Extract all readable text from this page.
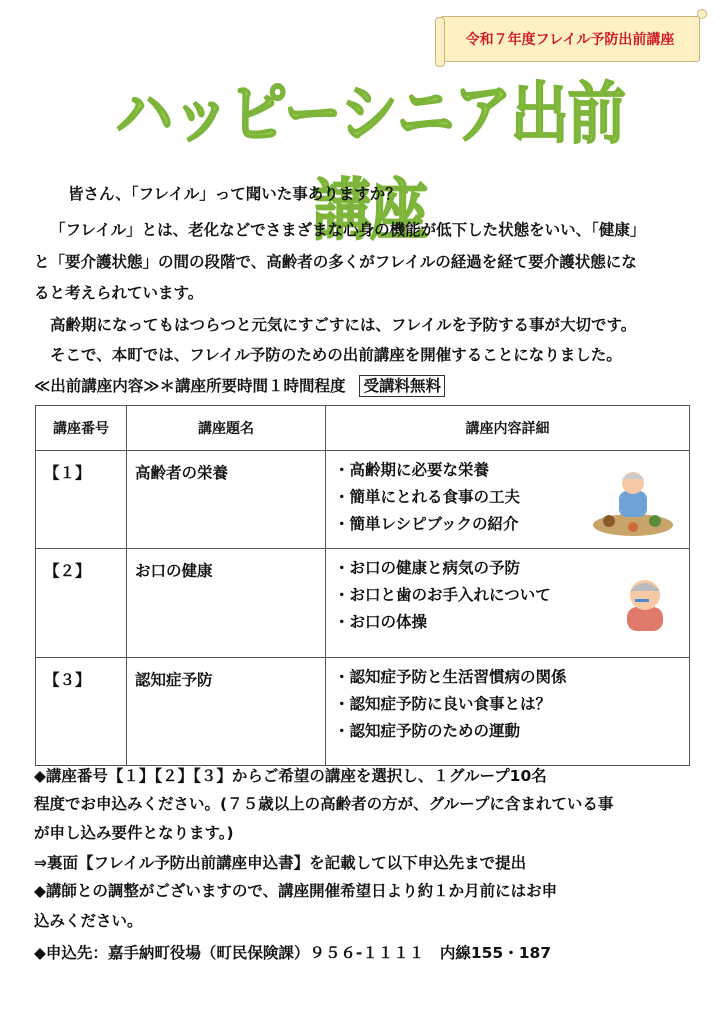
令和７年度フレイル予防出前講座
ハッピーシニア出前講座
皆さん、「フレイル」って聞いた事ありますか？
「フレイル」とは、老化などでさまざまな心身の機能が低下した状態をいい、「健康」
と「要介護状態」の間の段階で、高齢者の多くがフレイルの経過を経て要介護状態にな
ると考えられています。
高齢期になってもはつらつと元気にすごすには、フレイルを予防する事が大切です。
そこで、本町では、フレイル予防のための出前講座を開催することになりました。
≪出前講座内容≫＊講座所要時間１時間程度 受講料無料
講座番号	講座題名	講座内容詳細
【１】	高齢者の栄養	・高齢期に必要な栄養
・簡単にとれる食事の工夫
・簡単レシピブックの紹介

【２】	お口の健康	・お口の健康と病気の予防
・お口と歯のお手入れについて
・お口の体操

【３】	認知症予防	・認知症予防と生活習慣病の関係
・認知症予防に良い食事とは？
・認知症予防のための運動
◆講座番号【１】【２】【３】からご希望の講座を選択し、１グループ10名
程度でお申込みください。(７５歳以上の高齢者の方が、グループに含まれている事
が申し込み要件となります。)
⇒裏面【フレイル予防出前講座申込書】を記載して以下申込先まで提出
◆講師との調整がございますので、講座開催希望日より約１か月前にはお申
込みください。
◆申込先：嘉手納町役場（町民保険課）９５６-１１１１　内線155・187
